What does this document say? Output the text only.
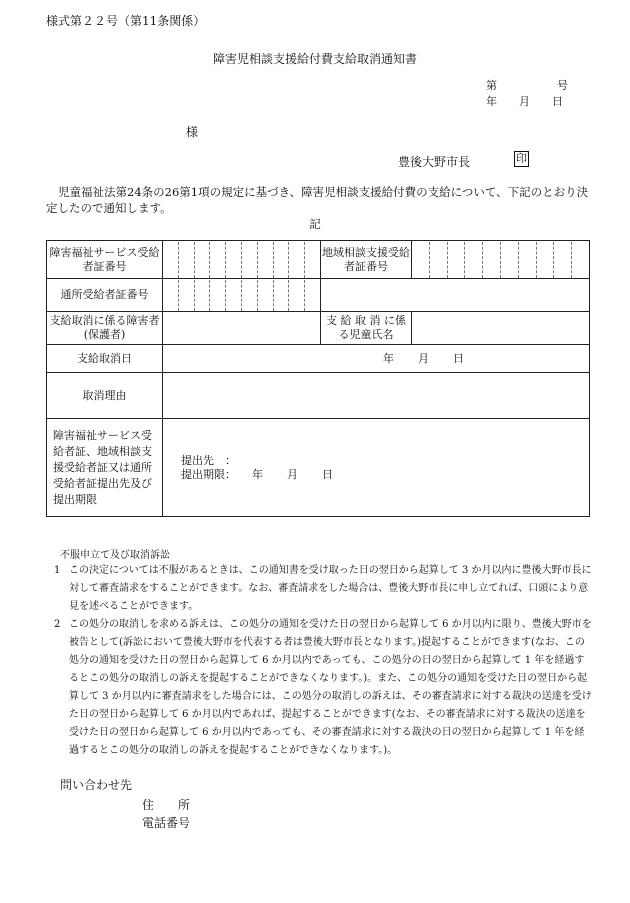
様式第２２号（第11条関係）
障害児相談支援給付費支給取消通知書
第	号
年 月 日
様
豊後大野市長	印
児童福祉法第24条の26第1項の規定に基づき、障害児相談支援給付費の支給について、下記のとおり決定したので通知します。
記
障害福祉サービス受給者証番号		地域相談支援受給者証番号	

通所受給者証番号		

支給取消に係る障害者(保護者)		支 給 取 消 に係る児童氏名	
支給取消日	年 月 日		
取消理由			
障害福祉サービス受給者証、地域相談支援受給者証又は通所受給者証提出先及び提出期限	提出先　：
提出期限： 年 月 日		
不服申立て及び取消訴訟
1 この決定については不服があるときは、この通知書を受け取った日の翌日から起算して 3 か月以内に豊後大野市長に対して審査請求をすることができます。なお、審査請求をした場合は、豊後大野市長に申し立てれば、口頭により意見を述べることができます。
2 この処分の取消しを求める訴えは、この処分の通知を受けた日の翌日から起算して 6 か月以内に限り、豊後大野市を被告として(訴訟において豊後大野市を代表する者は豊後大野市長となります。)提起することができます(なお、この処分の通知を受けた日の翌日から起算して 6 か月以内であっても、この処分の日の翌日から起算して 1 年を経過するとこの処分の取消しの訴えを提起することができなくなります。)。また、この処分の通知を受けた日の翌日から起算して 3 か月以内に審査請求をした場合には、この処分の取消しの訴えは、その審査請求に対する裁決の送達を受けた日の翌日から起算して 6 か月以内であれば、提起することができます(なお、その審査請求に対する裁決の送達を受けた日の翌日から起算して 6 か月以内であっても、その審査請求に対する裁決の日の翌日から起算して 1 年を経過するとこの処分の取消しの訴えを提起することができなくなります。)。
問い合わせ先
住　　所
電話番号
